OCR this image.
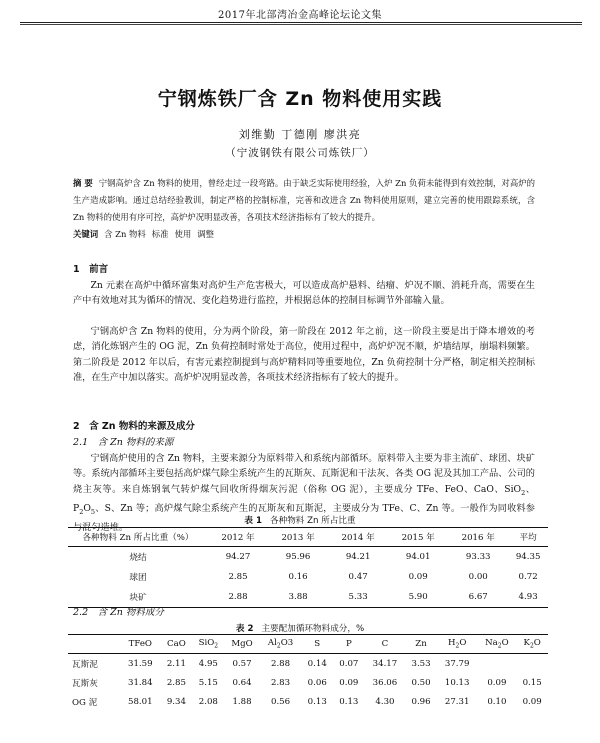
2017年北部湾冶金高峰论坛论文集
宁钢炼铁厂含 Zn 物料使用实践
刘维勤 丁德刚 廖洪亮
（宁波钢铁有限公司炼铁厂）
摘 要 宁钢高炉含 Zn 物料的使用，曾经走过一段弯路。由于缺乏实际使用经验，入炉 Zn 负荷未能得到有效控制，对高炉的生产造成影响。通过总结经验教训，制定严格的控制标准，完善和改进含 Zn 物料使用原则，建立完善的使用跟踪系统，含 Zn 物料的使用有序可控，高炉炉况明显改善，各项技术经济指标有了较大的提升。
关键词 含 Zn 物料 标准 使用 调整
1　前言

Zn 元素在高炉中循环富集对高炉生产危害极大，可以造成高炉悬料、结瘤、炉况不顺、消耗升高，需要在生产中有效地对其为循环的情况、变化趋势进行监控，并根据总体的控制目标调节外部输入量。

宁钢高炉含 Zn 物料的使用，分为两个阶段，第一阶段在 2012 年之前，这一阶段主要是出于降本增效的考虑，消化炼钢产生的 OG 泥，Zn 负荷控制时常处于高位，使用过程中，高炉炉况不顺，炉墙结厚，崩塌料频繁。第二阶段是 2012 年以后，有害元素控制提到与高炉精料同等重要地位，Zn 负荷控制十分严格，制定相关控制标准，在生产中加以落实。高炉炉况明显改善，各项技术经济指标有了较大的提升。

2　含 Zn 物料的来源及成分
2.1　含 Zn 物料的来源

宁钢高炉使用的含 Zn 物料，主要来源分为原料带入和系统内部循环。原料带入主要为非主流矿、球团、块矿等。系统内部循环主要包括高炉煤气除尘系统产生的瓦斯灰、瓦斯泥和干法灰、各类 OG 泥及其加工产品、公司的烧主灰等。来自炼钢氧气转炉煤气回收所得烟灰污泥（俗称 OG 泥），主要成分 TFe、FeO、CaO、SiO$_2$、$P_2O_5$、S、Zn 等；高炉煤气除尘系统产生的瓦斯灰和瓦斯泥，主要成分为 TFe、C、Zn 等。一般作为同收料参与混匀造堆。

表 1 各种物料 Zn 所占比重
各种物料 Zn 所占比重（%）	2012 年	2013 年	2014 年	2015 年	2016 年	平均
烧结	94.27	95.96	94.21	94.01	93.33	94.35
球团	2.85	0.16	0.47	0.09	0.00	0.72
块矿	2.88	3.88	5.33	5.90	6.67	4.93
2.2　含 Zn 物料成分
表 2 主要配加循环物料成分，%
	TFeO	CaO	SiO$_2$	MgO	$Al_2O3$	S	P	C	Zn	$H_2O$	$Na_2O$	$K_2O$
瓦斯泥	31.59	2.11	4.95	0.57	2.88	0.14	0.07	34.17	3.53	37.79		
瓦斯灰	31.84	2.85	5.15	0.64	2.83	0.06	0.09	36.06	0.50	10.13	0.09	0.15
OG 泥	58.01	9.34	2.08	1.88	0.56	0.13	0.13	4.30	0.96	27.31	0.10	0.09
